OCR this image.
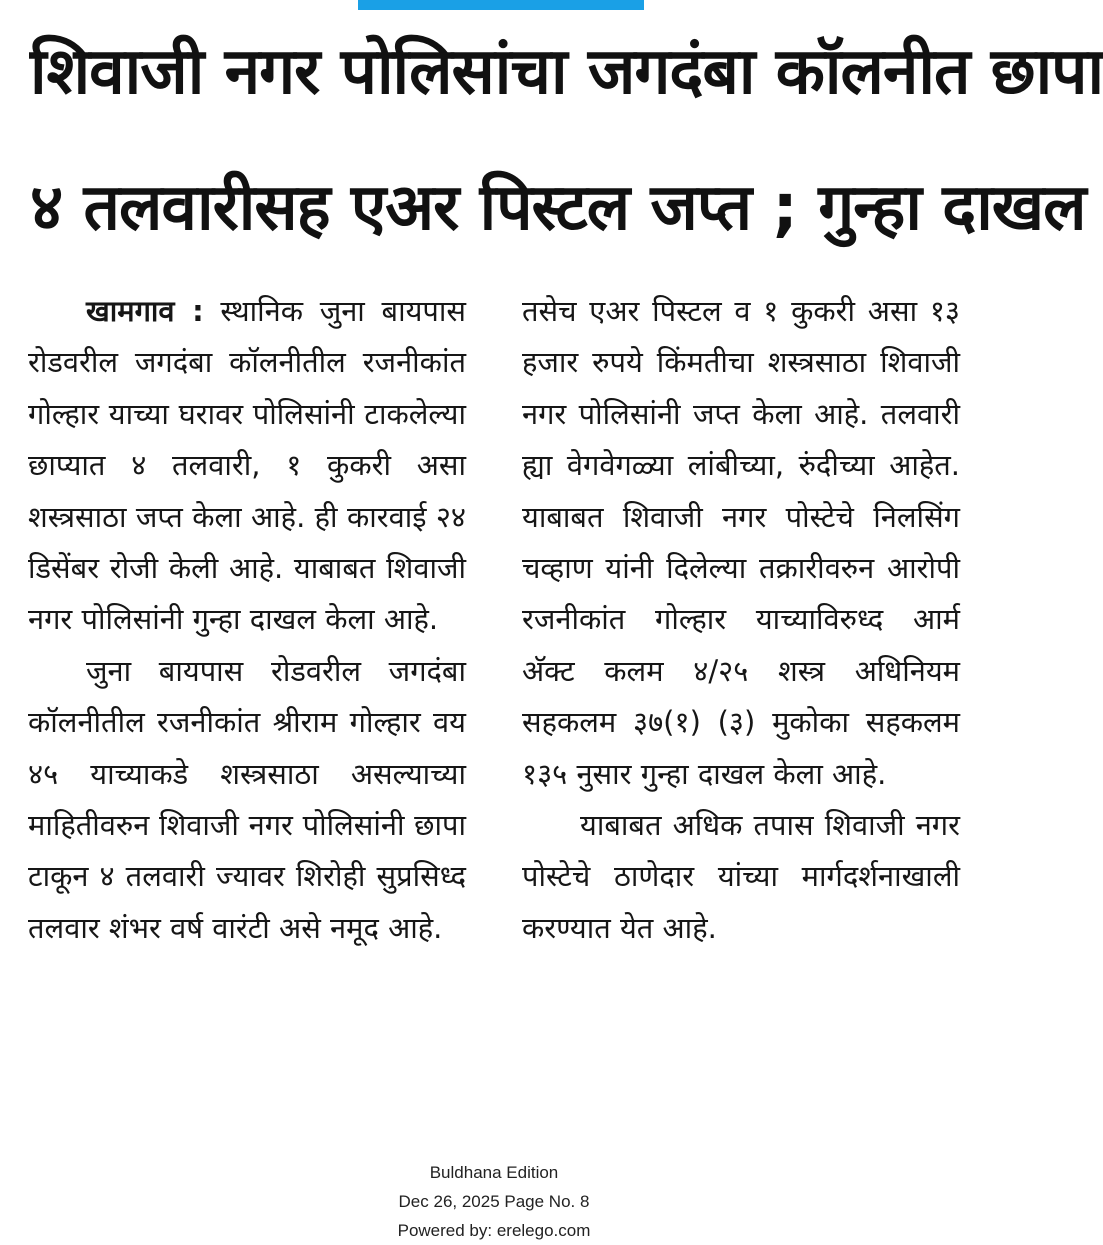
शिवाजी नगर पोलिसांचा जगदंबा कॉलनीत छापा
४ तलवारीसह एअर पिस्टल जप्त ; गुन्हा दाखल

खामगाव : स्थानिक जुना बायपास रोडवरील जगदंबा कॉलनीतील रजनीकांत गोल्हार याच्या घरावर पोलिसांनी टाकलेल्या छाप्यात ४ तलवारी, १ कुकरी असा शस्त्रसाठा जप्त केला आहे. ही कारवाई २४ डिसेंबर रोजी केली आहे. याबाबत शिवाजी नगर पोलिसांनी गुन्हा दाखल केला आहे.

जुना बायपास रोडवरील जगदंबा कॉलनीतील रजनीकांत श्रीराम गोल्हार वय ४५ याच्याकडे शस्त्रसाठा असल्याच्या माहितीवरुन शिवाजी नगर पोलिसांनी छापा टाकून ४ तलवारी ज्यावर शिरोही सुप्रसिध्द तलवार शंभर वर्ष वारंटी असे नमूद आहे.

तसेच एअर पिस्टल व १ कुकरी असा १३ हजार रुपये किंमतीचा शस्त्रसाठा शिवाजी नगर पोलिसांनी जप्त केला आहे. तलवारी ह्या वेगवेगळ्या लांबीच्या, रुंदीच्या आहेत. याबाबत शिवाजी नगर पोस्टेचे निलसिंग चव्हाण यांनी दिलेल्या तक्रारीवरुन आरोपी रजनीकांत गोल्हार याच्याविरुध्द आर्म अ‍ॅक्ट कलम ४/२५ शस्त्र अधिनियम सहकलम ३७(१) (३) मुकोका सहकलम १३५ नुसार गुन्हा दाखल केला आहे.

याबाबत अधिक तपास शिवाजी नगर पोस्टेचे ठाणेदार यांच्या मार्गदर्शनाखाली करण्यात येत आहे.

Buldhana Edition
Dec 26, 2025 Page No. 8
Powered by: erelego.com
